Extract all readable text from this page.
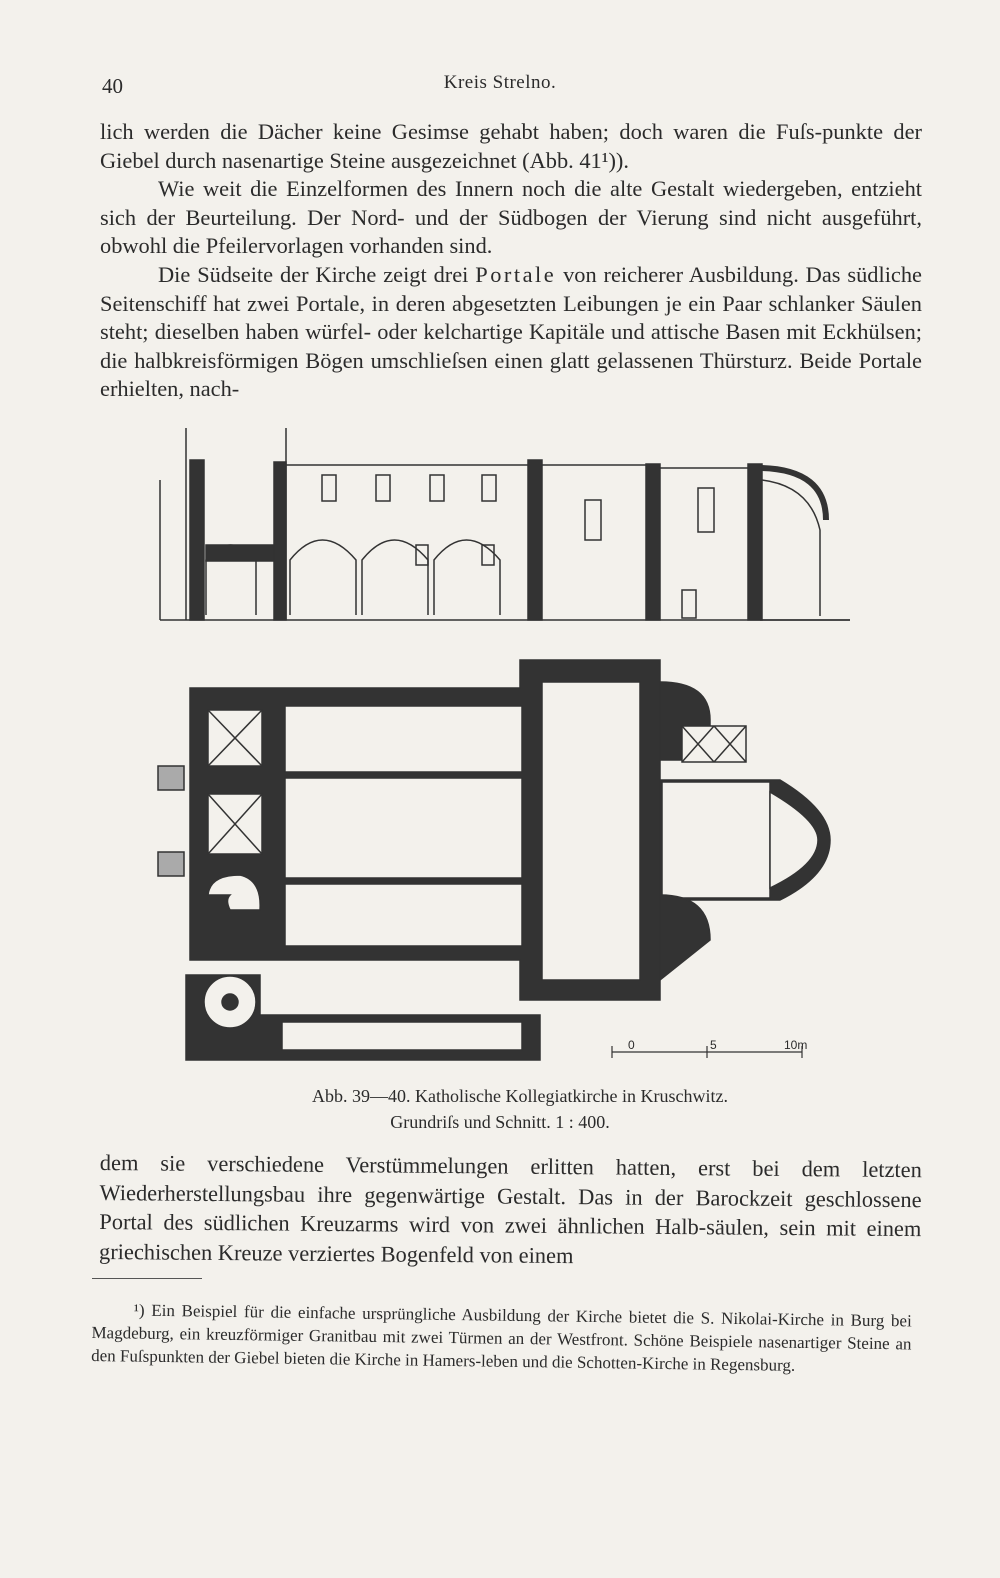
40	Kreis Strelno.

lich werden die Dächer keine Gesimse gehabt haben; doch waren die Fuſs-punkte der Giebel durch nasenartige Steine ausgezeichnet (Abb. 41¹)).

Wie weit die Einzelformen des Innern noch die alte Gestalt wiedergeben, entzieht sich der Beurteilung. Der Nord- und der Südbogen der Vierung sind nicht ausgeführt, obwohl die Pfeilervorlagen vorhanden sind.

Die Südseite der Kirche zeigt drei Portale von reicherer Ausbildung. Das südliche Seitenschiff hat zwei Portale, in deren abgesetzten Leibungen je ein Paar schlanker Säulen steht; dieselben haben würfel- oder kelchartige Kapitäle und attische Basen mit Eckhülsen; die halbkreisförmigen Bögen umschlieſsen einen glatt gelassenen Thürsturz. Beide Portale erhielten, nach-

0	5	10m
Abb. 39—40. Katholische Kollegiatkirche in Kruschwitz.
Grundriſs und Schnitt. 1 : 400.

dem sie verschiedene Verstümmelungen erlitten hatten, erst bei dem letzten Wiederherstellungsbau ihre gegenwärtige Gestalt. Das in der Barockzeit geschlossene Portal des südlichen Kreuzarms wird von zwei ähnlichen Halb-säulen, sein mit einem griechischen Kreuze verziertes Bogenfeld von einem

¹) Ein Beispiel für die einfache ursprüngliche Ausbildung der Kirche bietet die S. Nikolai-Kirche in Burg bei Magdeburg, ein kreuzförmiger Granitbau mit zwei Türmen an der Westfront. Schöne Beispiele nasenartiger Steine an den Fuſspunkten der Giebel bieten die Kirche in Hamers-leben und die Schotten-Kirche in Regensburg.
